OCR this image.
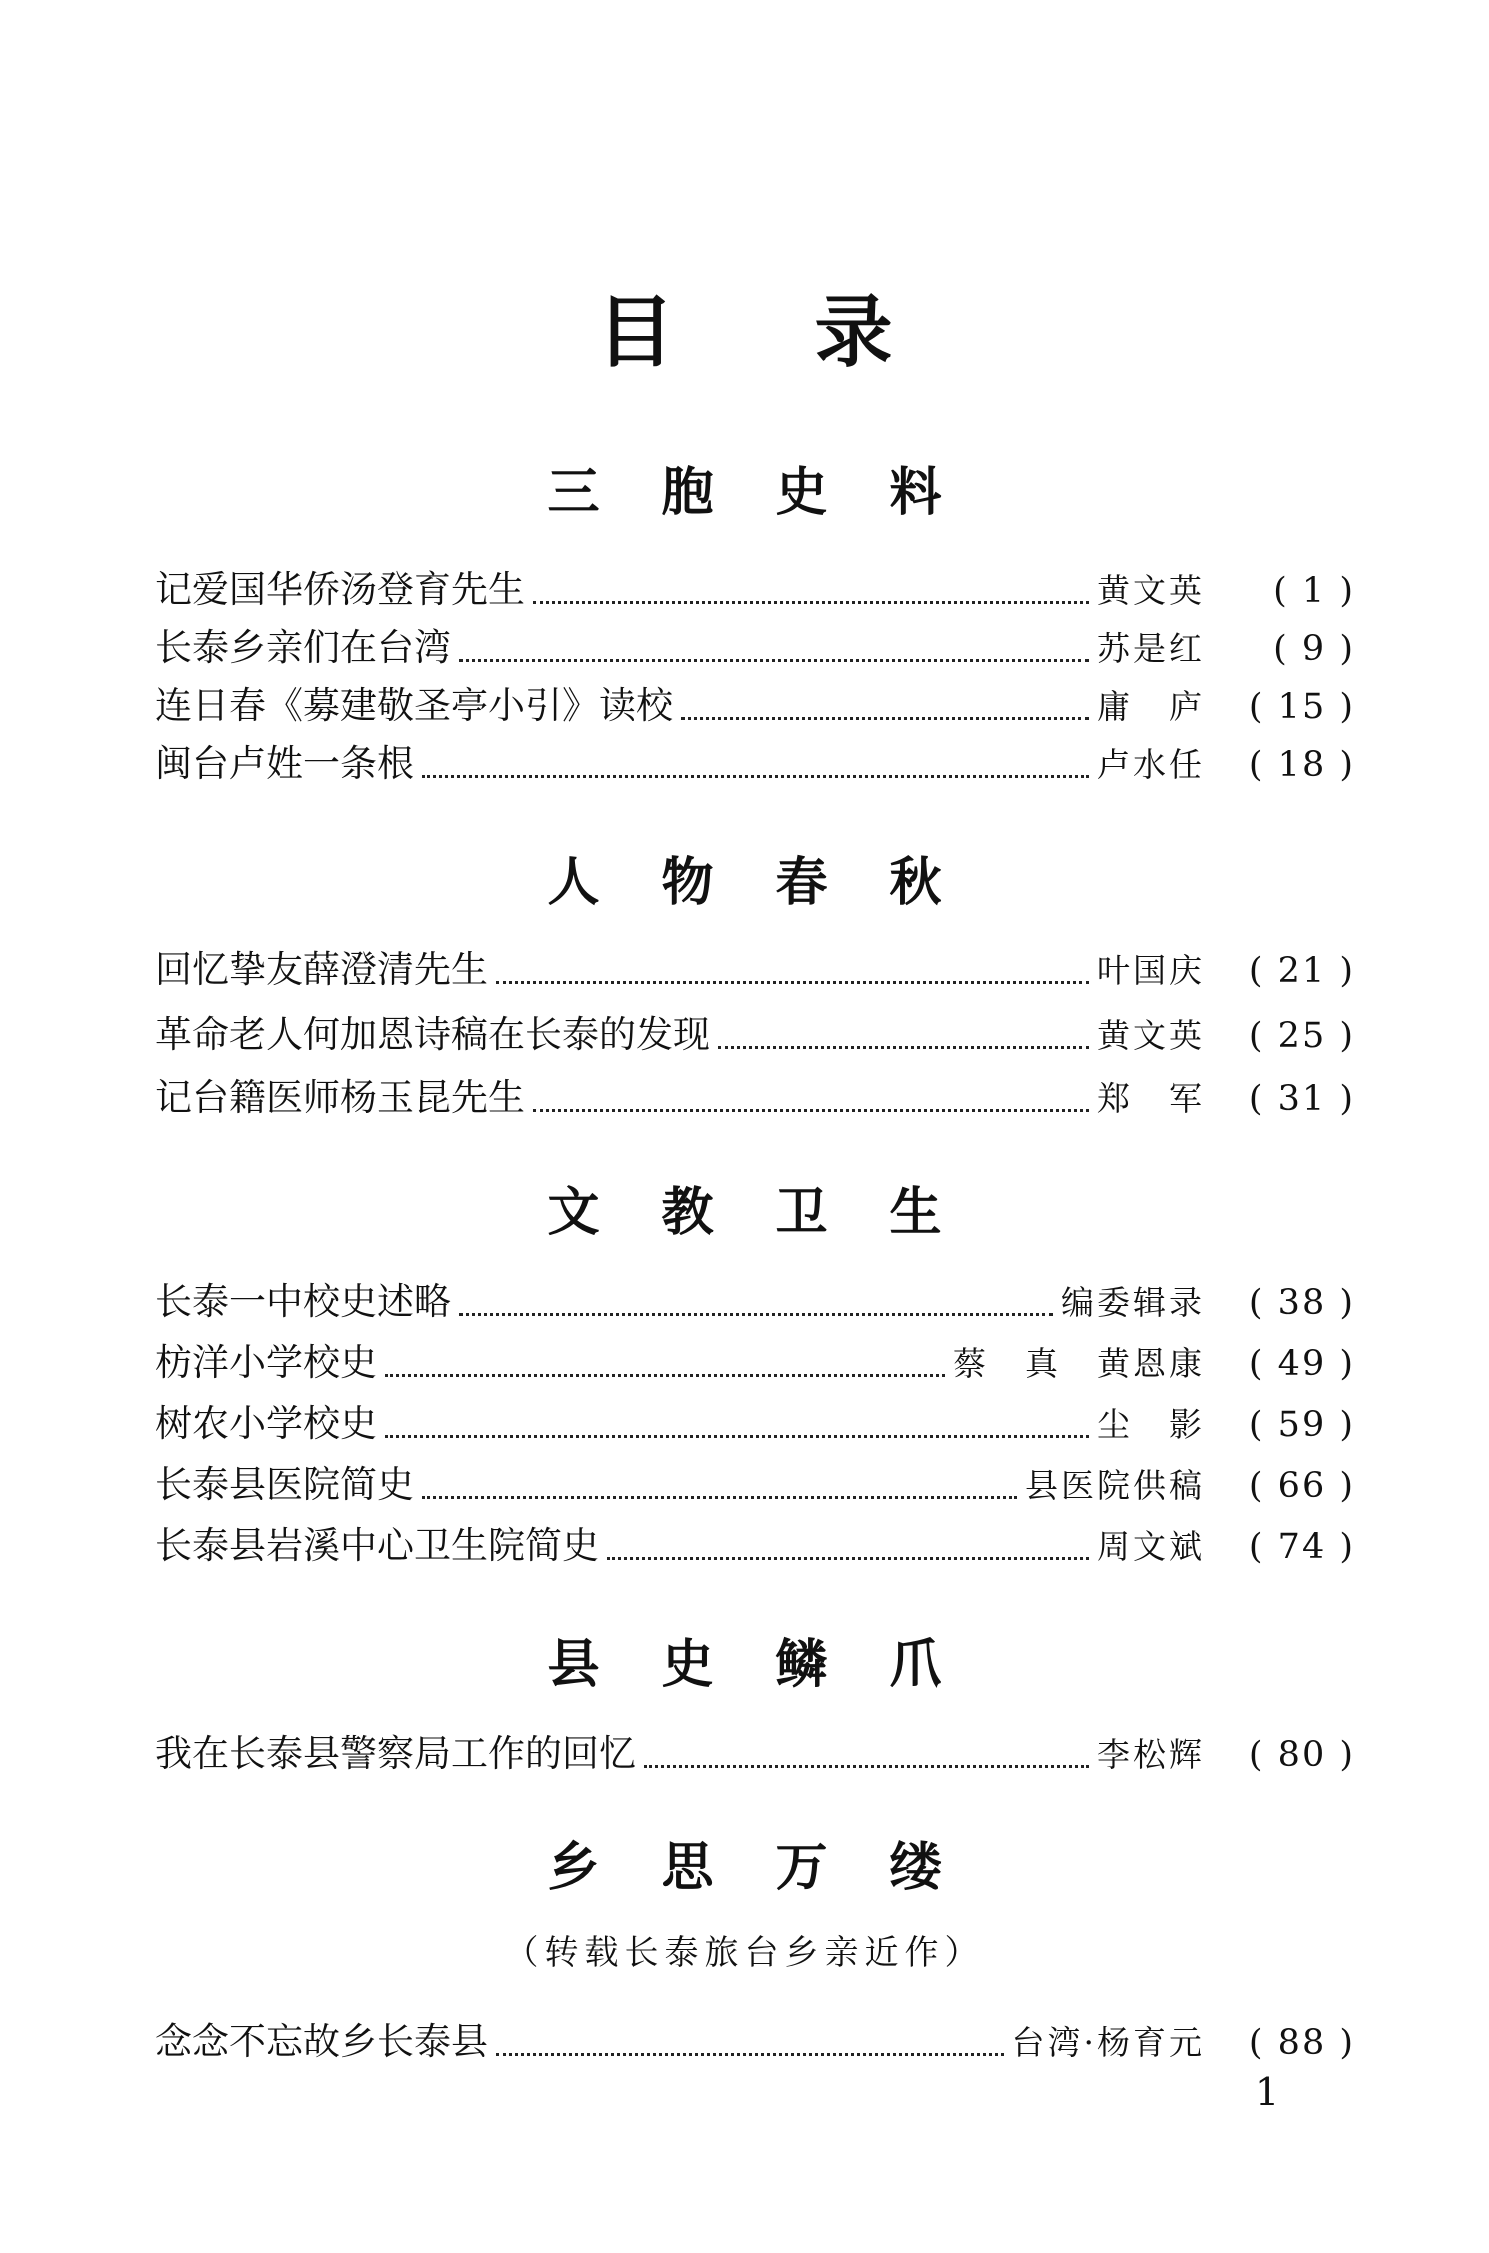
目录
三胞史料
记爱国华侨汤登育先生	黄文英	( 1 )
长泰乡亲们在台湾	苏是红	( 9 )
连日春《募建敬圣亭小引》读校	庸　庐	( 15 )
闽台卢姓一条根	卢水任	( 18 )
人物春秋
回忆挚友薛澄清先生	叶国庆	( 21 )
革命老人何加恩诗稿在长泰的发现	黄文英	( 25 )
记台籍医师杨玉昆先生	郑　军	( 31 )
文教卫生
长泰一中校史述略	编委辑录	( 38 )
枋洋小学校史	蔡　真　黄恩康	( 49 )
树农小学校史	尘　影	( 59 )
长泰县医院简史	县医院供稿	( 66 )
长泰县岩溪中心卫生院简史	周文斌	( 74 )
县史鳞爪
我在长泰县警察局工作的回忆	李松辉	( 80 )
乡思万缕
（转载长泰旅台乡亲近作）
念念不忘故乡长泰县	台湾·杨育元	( 88 )
1
